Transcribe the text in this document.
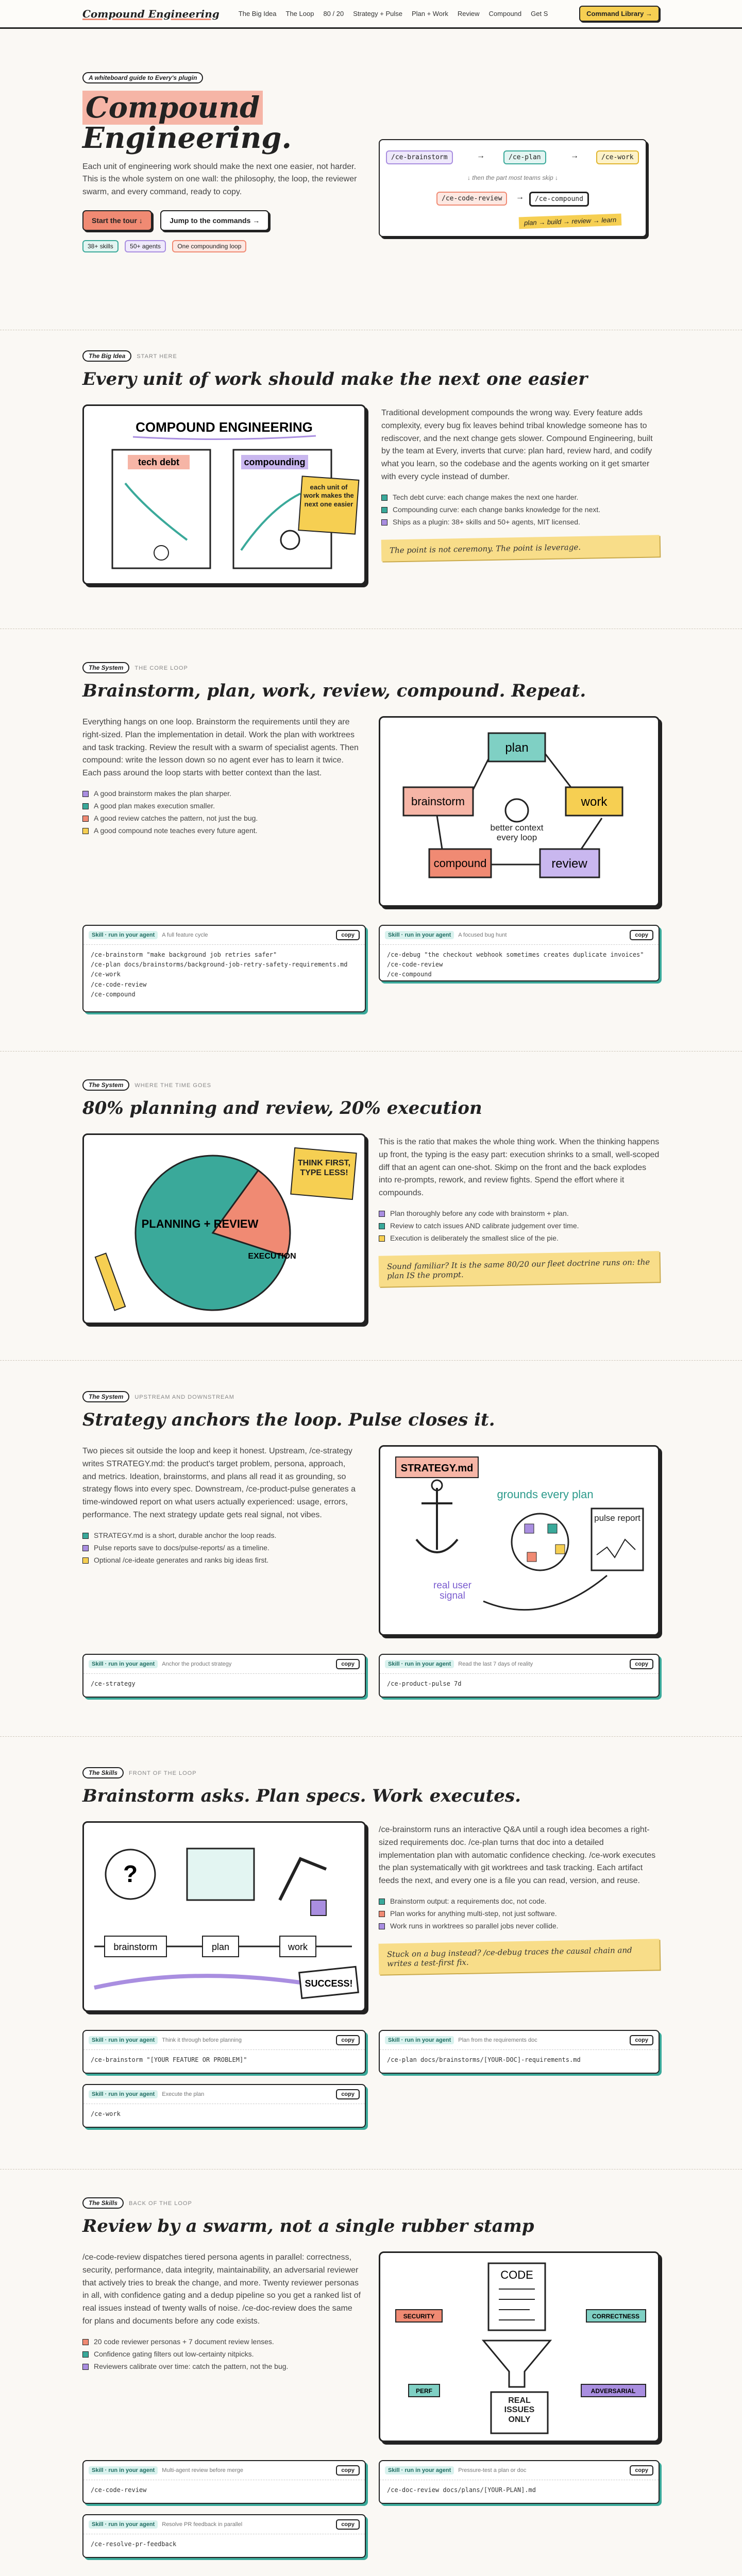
Compound Engineering	The Big Idea	The Loop	80 / 20	Strategy + Pulse	Plan + Work	Review	Compound	Get S	Command Library →
A whiteboard guide to Every's plugin
Compound
Engineering.

Each unit of engineering work should make the next one easier, not harder. This is the whole system on one wall: the philosophy, the loop, the reviewer swarm, and every command, ready to copy.

Start the tour ↓	Jump to the commands →
38+ skills	50+ agents	One compounding loop
/ce-brainstorm	→	/ce-plan	→	/ce-work
↓ then the part most teams skip ↓
/ce-code-review	→	/ce-compound
plan → build → review → learn
The Big Idea START HERE
Every unit of work should make the next one easier
COMPOUND ENGINEERING
tech debt	compounding
each unit of work makes the next one easier

Traditional development compounds the wrong way. Every feature adds complexity, every bug fix leaves behind tribal knowledge someone has to rediscover, and the next change gets slower. Compound Engineering, built by the team at Every, inverts that curve: plan hard, review hard, and codify what you learn, so the codebase and the agents working on it get smarter with every cycle instead of dumber.

Tech debt curve: each change makes the next one harder.
Compounding curve: each change banks knowledge for the next.
Ships as a plugin: 38+ skills and 50+ agents, MIT licensed.
The point is not ceremony. The point is leverage.
The System THE CORE LOOP
Brainstorm, plan, work, review, compound. Repeat.

Everything hangs on one loop. Brainstorm the requirements until they are right-sized. Plan the implementation in detail. Work the plan with worktrees and task tracking. Review the result with a swarm of specialist agents. Then compound: write the lesson down so no agent ever has to learn it twice. Each pass around the loop starts with better context than the last.

A good brainstorm makes the plan sharper.
A good plan makes execution smaller.
A good review catches the pattern, not just the bug.
A good compound note teaches every future agent.
plan
brainstorm	work
compound	review
better context every loop
Skill · run in your agent	A full feature cycle	copy
/ce-brainstorm "make background job retries safer"
/ce-plan docs/brainstorms/background-job-retry-safety-requirements.md
/ce-work
/ce-code-review
/ce-compound
Skill · run in your agent	A focused bug hunt	copy
/ce-debug "the checkout webhook sometimes creates duplicate invoices"
/ce-code-review
/ce-compound
The System WHERE THE TIME GOES
80% planning and review, 20% execution
PLANNING + REVIEW
EXECUTION
THINK FIRST, TYPE LESS!

This is the ratio that makes the whole thing work. When the thinking happens up front, the typing is the easy part: execution shrinks to a small, well-scoped diff that an agent can one-shot. Skimp on the front and the back explodes into re-prompts, rework, and review fights. Spend the effort where it compounds.

Plan thoroughly before any code with brainstorm + plan.
Review to catch issues AND calibrate judgement over time.
Execution is deliberately the smallest slice of the pie.
Sound familiar? It is the same 80/20 our fleet doctrine runs on: the plan IS the prompt.
The System UPSTREAM AND DOWNSTREAM
Strategy anchors the loop. Pulse closes it.

Two pieces sit outside the loop and keep it honest. Upstream, /ce-strategy writes STRATEGY.md: the product's target problem, persona, approach, and metrics. Ideation, brainstorms, and plans all read it as grounding, so strategy flows into every spec. Downstream, /ce-product-pulse generates a time-windowed report on what users actually experienced: usage, errors, performance. The next strategy update gets real signal, not vibes.

STRATEGY.md is a short, durable anchor the loop reads.
Pulse reports save to docs/pulse-reports/ as a timeline.
Optional /ce-ideate generates and ranks big ideas first.
STRATEGY.md
grounds every plan
pulse report
real user signal
Skill · run in your agent	Anchor the product strategy	copy
/ce-strategy
Skill · run in your agent	Read the last 7 days of reality	copy
/ce-product-pulse 7d
The Skills FRONT OF THE LOOP
Brainstorm asks. Plan specs. Work executes.
?
brainstorm	plan	work
SUCCESS!

/ce-brainstorm runs an interactive Q&A until a rough idea becomes a right-sized requirements doc. /ce-plan turns that doc into a detailed implementation plan with automatic confidence checking. /ce-work executes the plan systematically with git worktrees and task tracking. Each artifact feeds the next, and every one is a file you can read, version, and reuse.

Brainstorm output: a requirements doc, not code.
Plan works for anything multi-step, not just software.
Work runs in worktrees so parallel jobs never collide.
Stuck on a bug instead? /ce-debug traces the causal chain and writes a test-first fix.
Skill · run in your agent	Think it through before planning	copy
/ce-brainstorm "[YOUR FEATURE OR PROBLEM]"
Skill · run in your agent	Plan from the requirements doc	copy
/ce-plan docs/brainstorms/[YOUR-DOC]-requirements.md
Skill · run in your agent	Execute the plan	copy
/ce-work
The Skills BACK OF THE LOOP
Review by a swarm, not a single rubber stamp

/ce-code-review dispatches tiered persona agents in parallel: correctness, security, performance, data integrity, maintainability, an adversarial reviewer that actively tries to break the change, and more. Twenty reviewer personas in all, with confidence gating and a dedup pipeline so you get a ranked list of real issues instead of twenty walls of noise. /ce-doc-review does the same for plans and documents before any code exists.

20 code reviewer personas + 7 document review lenses.
Confidence gating filters out low-certainty nitpicks.
Reviewers calibrate over time: catch the pattern, not the bug.
CODE
SECURITY	CORRECTNESS
PERF	ADVERSARIAL
REAL ISSUES ONLY
Skill · run in your agent	Multi-agent review before merge	copy
/ce-code-review
Skill · run in your agent	Pressure-test a plan or doc	copy
/ce-doc-review docs/plans/[YOUR-PLAN].md
Skill · run in your agent	Resolve PR feedback in parallel	copy
/ce-resolve-pr-feedback
